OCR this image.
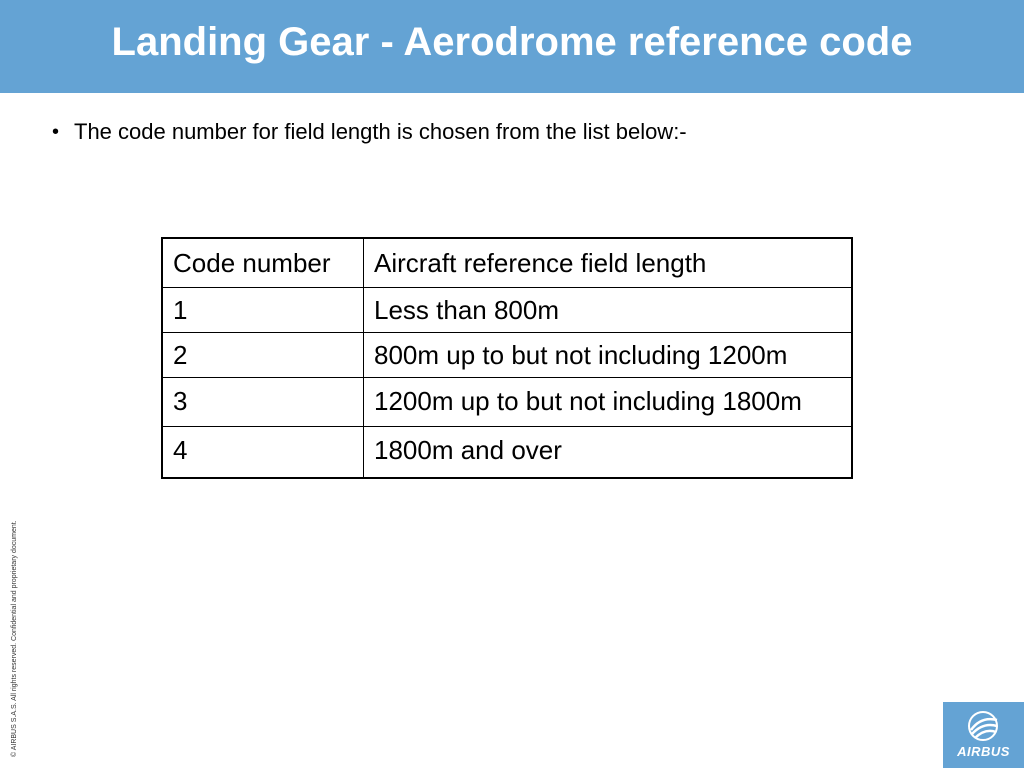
Landing Gear - Aerodrome reference code
• The code number for field length is chosen from the list below:-
Code number	Aircraft reference field length
1	Less than 800m
2	800m up to but not including 1200m
3	1200m up to but not including 1800m
4	1800m and over
© AIRBUS S.A.S. All rights reserved. Confidential and proprietary document.	AIRBUS
